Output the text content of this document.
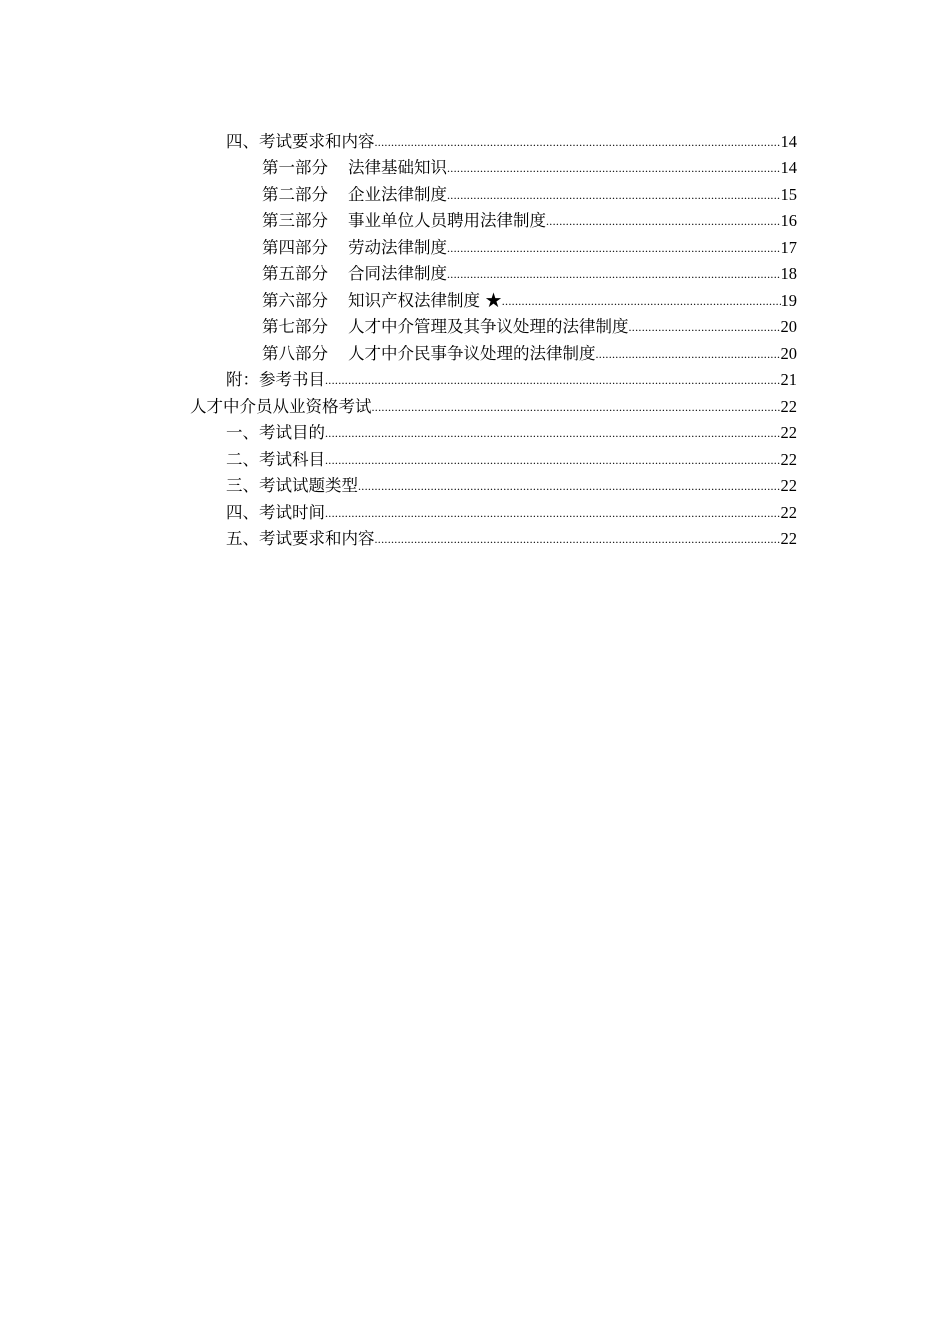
四、考试要求和内容 .....	14
第一部分 法律基础知识 .....	14
第二部分 企业法律制度 .....	15
第三部分 事业单位人员聘用法律制度 .....	16
第四部分 劳动法律制度 .....	17
第五部分 合同法律制度 .....	18
第六部分 知识产权法律制度 ★ .....	19
第七部分 人才中介管理及其争议处理的法律制度 .....	20
第八部分 人才中介民事争议处理的法律制度 .....	20
附：参考书目 .....	21
人才中介员从业资格考试 .....	22
一、考试目的 .....	22
二、考试科目 .....	22
三、考试试题类型 .....	22
四、考试时间 .....	22
五、考试要求和内容 .....	22
